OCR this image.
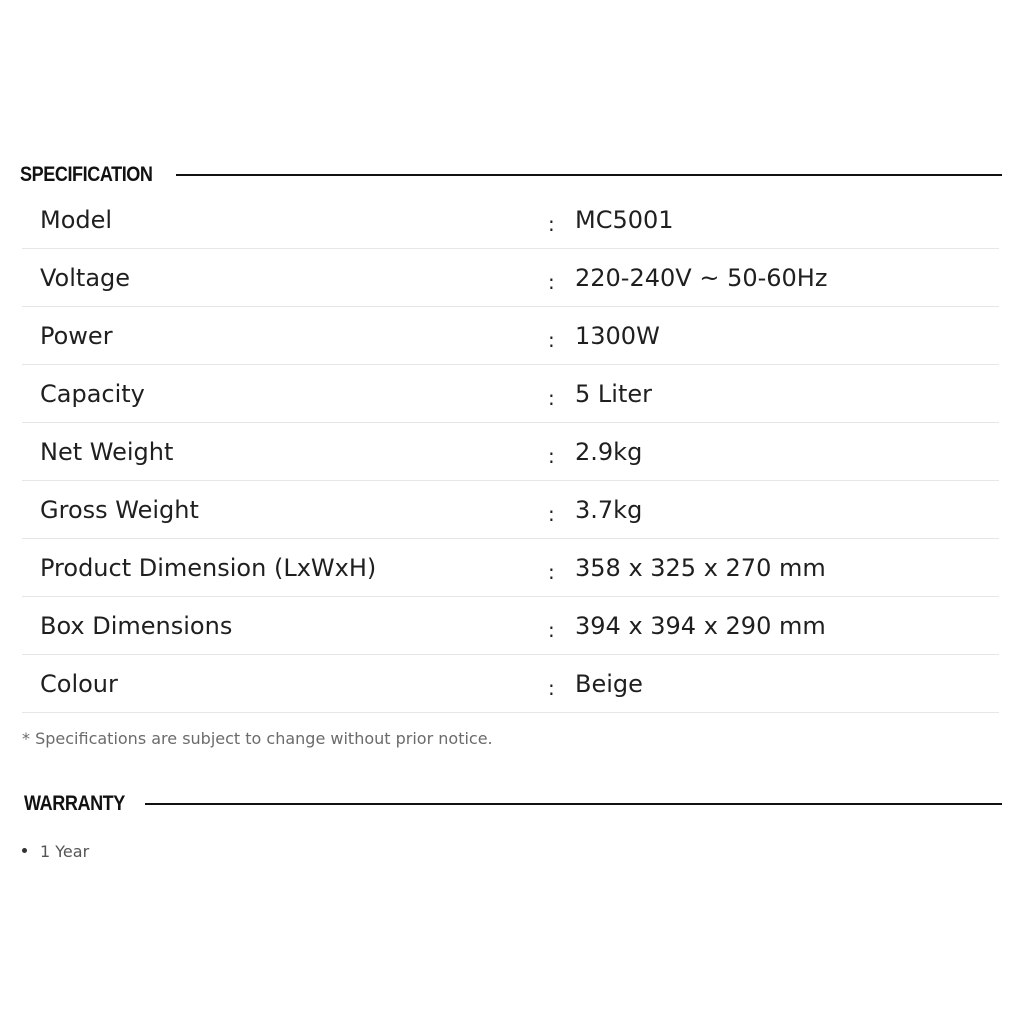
SPECIFICATION
Model	: MC5001
Voltage	: 220-240V ~ 50-60Hz
Power	: 1300W
Capacity	: 5 Liter
Net Weight	: 2.9kg
Gross Weight	: 3.7kg
Product Dimension (LxWxH)	: 358 x 325 x 270 mm
Box Dimensions	: 394 x 394 x 290 mm
Colour	: Beige
* Specifications are subject to change without prior notice.
WARRANTY
1 Year
